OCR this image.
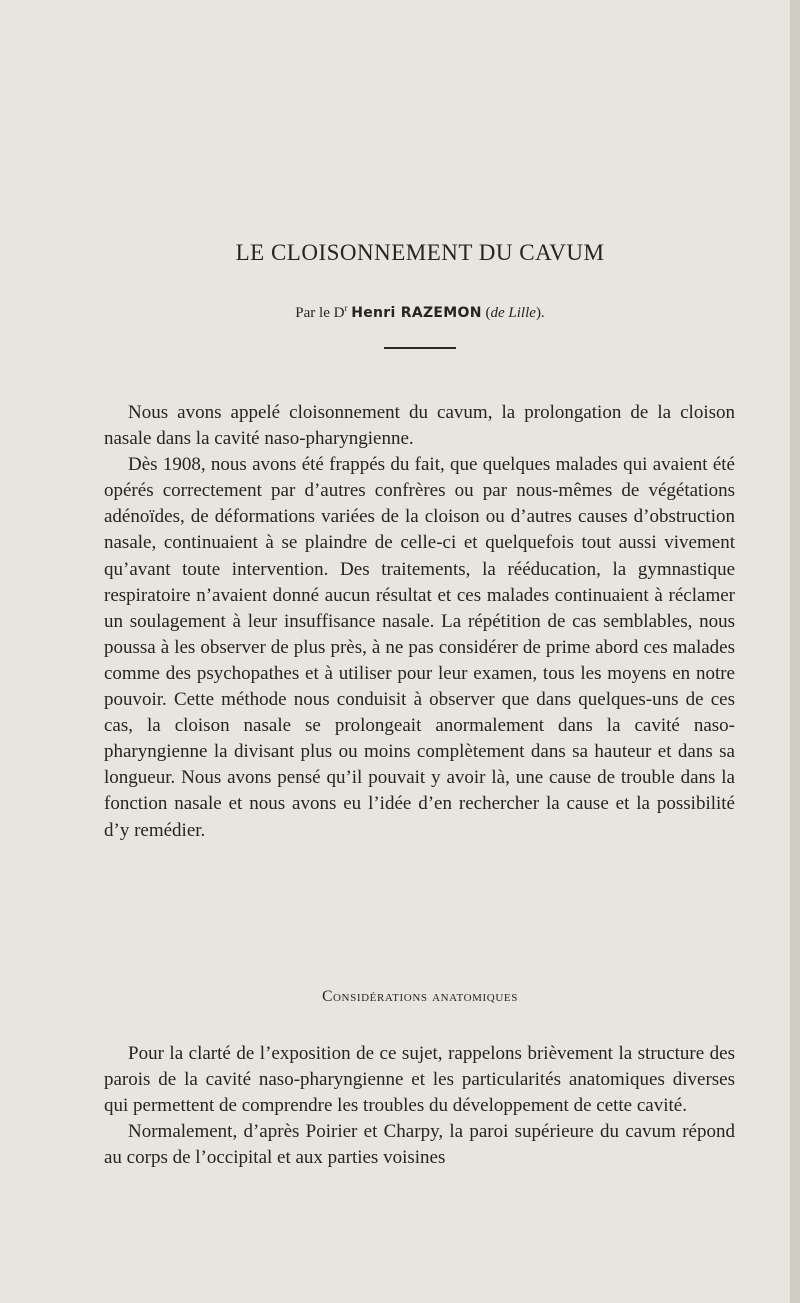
LE CLOISONNEMENT DU CAVUM
Par le $D^r$ Henri RAZEMON (de Lille).

Nous avons appelé cloisonnement du cavum, la prolongation de la cloison nasale dans la cavité naso-pharyngienne.

Dès 1908, nous avons été frappés du fait, que quelques malades qui avaient été opérés correctement par d’autres confrères ou par nous-mêmes de végétations adénoïdes, de déformations variées de la cloison ou d’autres causes d’obstruction nasale, continuaient à se plaindre de celle-ci et quelquefois tout aussi vivement qu’avant toute intervention. Des traitements, la rééducation, la gymnastique respiratoire n’avaient donné aucun résultat et ces malades continuaient à réclamer un soulagement à leur insuffisance nasale. La répétition de cas semblables, nous poussa à les observer de plus près, à ne pas considérer de prime abord ces malades comme des psychopathes et à utiliser pour leur examen, tous les moyens en notre pouvoir. Cette méthode nous conduisit à observer que dans quelques-uns de ces cas, la cloison nasale se prolongeait anormalement dans la cavité naso-pharyngienne la divisant plus ou moins complètement dans sa hauteur et dans sa longueur. Nous avons pensé qu’il pouvait y avoir là, une cause de trouble dans la fonction nasale et nous avons eu l’idée d’en rechercher la cause et la possibilité d’y remédier.

Considérations anatomiques

Pour la clarté de l’exposition de ce sujet, rappelons brièvement la structure des parois de la cavité naso-pharyngienne et les particularités anatomiques diverses qui permettent de comprendre les troubles du développement de cette cavité.

Normalement, d’après Poirier et Charpy, la paroi supérieure du cavum répond au corps de l’occipital et aux parties voisines
